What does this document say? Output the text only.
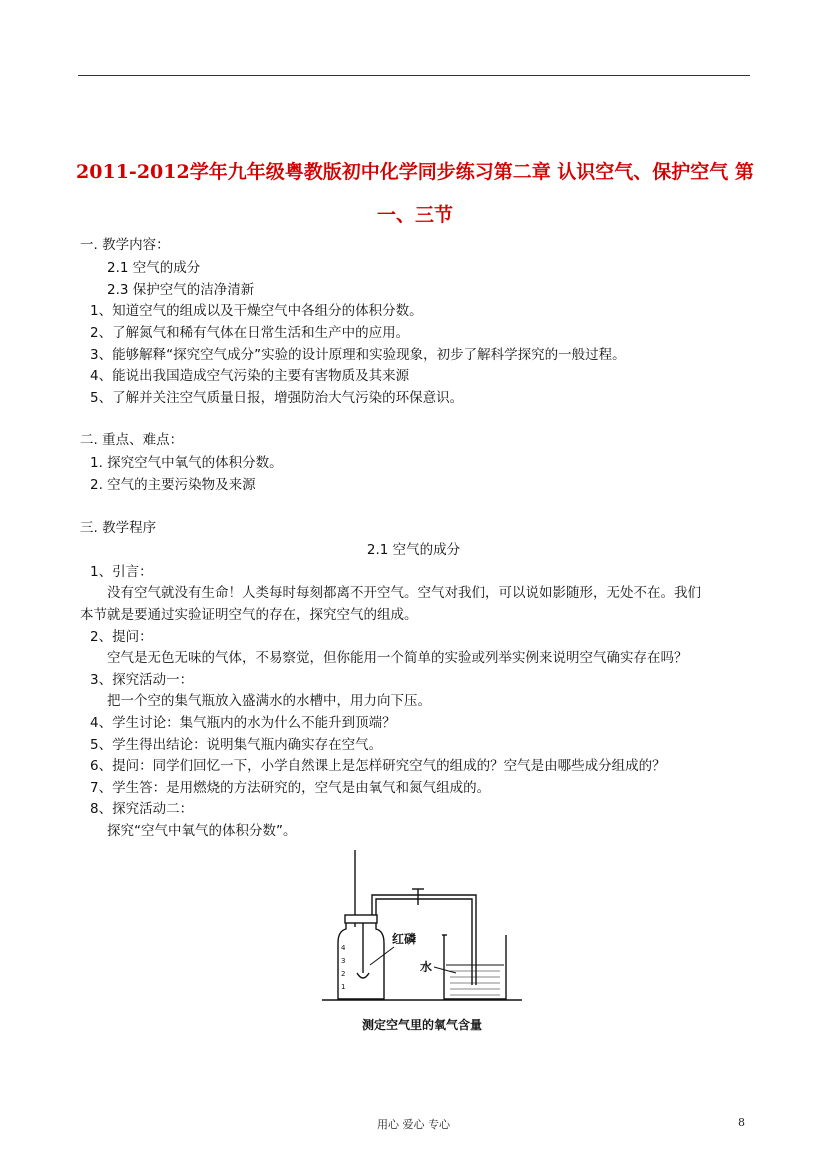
2011-2012学年九年级粤教版初中化学同步练习第二章 认识空气、保护空气 第
一、三节
一. 教学内容：
2.1 空气的成分
2.3 保护空气的洁净清新
1、知道空气的组成以及干燥空气中各组分的体积分数。
2、了解氮气和稀有气体在日常生活和生产中的应用。
3、能够解释“探究空气成分”实验的设计原理和实验现象，初步了解科学探究的一般过程。
4、能说出我国造成空气污染的主要有害物质及其来源
5、了解并关注空气质量日报，增强防治大气污染的环保意识。
二. 重点、难点：
1. 探究空气中氧气的体积分数。
2. 空气的主要污染物及来源
三. 教学程序
2.1 空气的成分
1、引言：
没有空气就没有生命！人类每时每刻都离不开空气。空气对我们，可以说如影随形，无处不在。我们
本节就是要通过实验证明空气的存在，探究空气的组成。
2、提问：
空气是无色无味的气体，不易察觉，但你能用一个简单的实验或列举实例来说明空气确实存在吗？
3、探究活动一：
把一个空的集气瓶放入盛满水的水槽中，用力向下压。
4、学生讨论：集气瓶内的水为什么不能升到顶端？
5、学生得出结论：说明集气瓶内确实存在空气。
6、提问：同学们回忆一下，小学自然课上是怎样研究空气的组成的？空气是由哪些成分组成的？
7、学生答：是用燃烧的方法研究的，空气是由氧气和氮气组成的。
8、探究活动二：
探究“空气中氧气的体积分数”。
红磷
水
4
3
2
1
测定空气里的氧气含量
用心 爱心 专心	8
